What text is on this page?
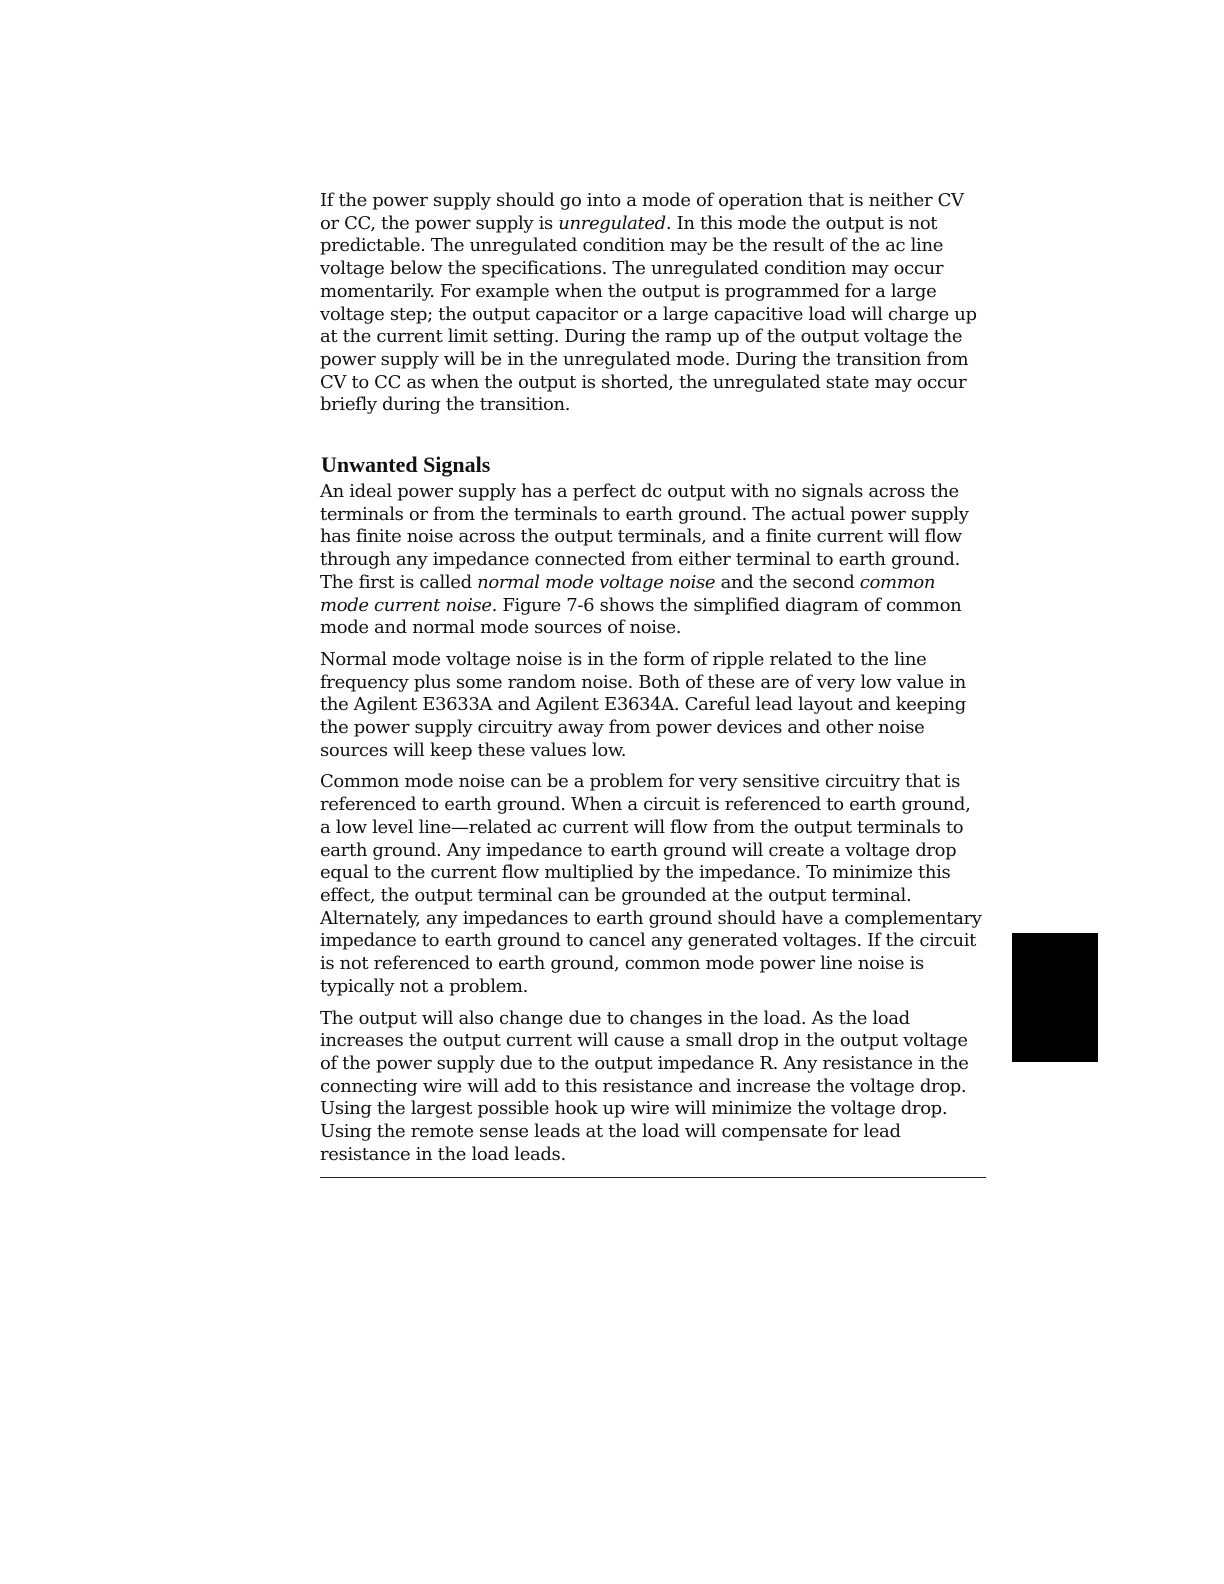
If the power supply should go into a mode of operation that is neither CV or CC, the power supply is unregulated. In this mode the output is not predictable. The unregulated condition may be the result of the ac line voltage below the specifications. The unregulated condition may occur momentarily. For example when the output is programmed for a large voltage step; the output capacitor or a large capacitive load will charge up at the current limit setting. During the ramp up of the output voltage the power supply will be in the unregulated mode. During the transition from CV to CC as when the output is shorted, the unregulated state may occur briefly during the transition.

Unwanted Signals

An ideal power supply has a perfect dc output with no signals across the terminals or from the terminals to earth ground. The actual power supply has finite noise across the output terminals, and a finite current will flow through any impedance connected from either terminal to earth ground. The first is called normal mode voltage noise and the second common mode current noise. Figure 7-6 shows the simplified diagram of common mode and normal mode sources of noise.

Normal mode voltage noise is in the form of ripple related to the line frequency plus some random noise. Both of these are of very low value in the Agilent E3633A and Agilent E3634A. Careful lead layout and keeping the power supply circuitry away from power devices and other noise sources will keep these values low.

Common mode noise can be a problem for very sensitive circuitry that is referenced to earth ground. When a circuit is referenced to earth ground, a low level line—related ac current will flow from the output terminals to earth ground. Any impedance to earth ground will create a voltage drop equal to the current flow multiplied by the impedance. To minimize this effect, the output terminal can be grounded at the output terminal. Alternately, any impedances to earth ground should have a complementary impedance to earth ground to cancel any generated voltages. If the circuit is not referenced to earth ground, common mode power line noise is typically not a problem.

The output will also change due to changes in the load. As the load increases the output current will cause a small drop in the output voltage of the power supply due to the output impedance R. Any resistance in the connecting wire will add to this resistance and increase the voltage drop. Using the largest possible hook up wire will minimize the voltage drop. Using the remote sense leads at the load will compensate for lead resistance in the load leads.
